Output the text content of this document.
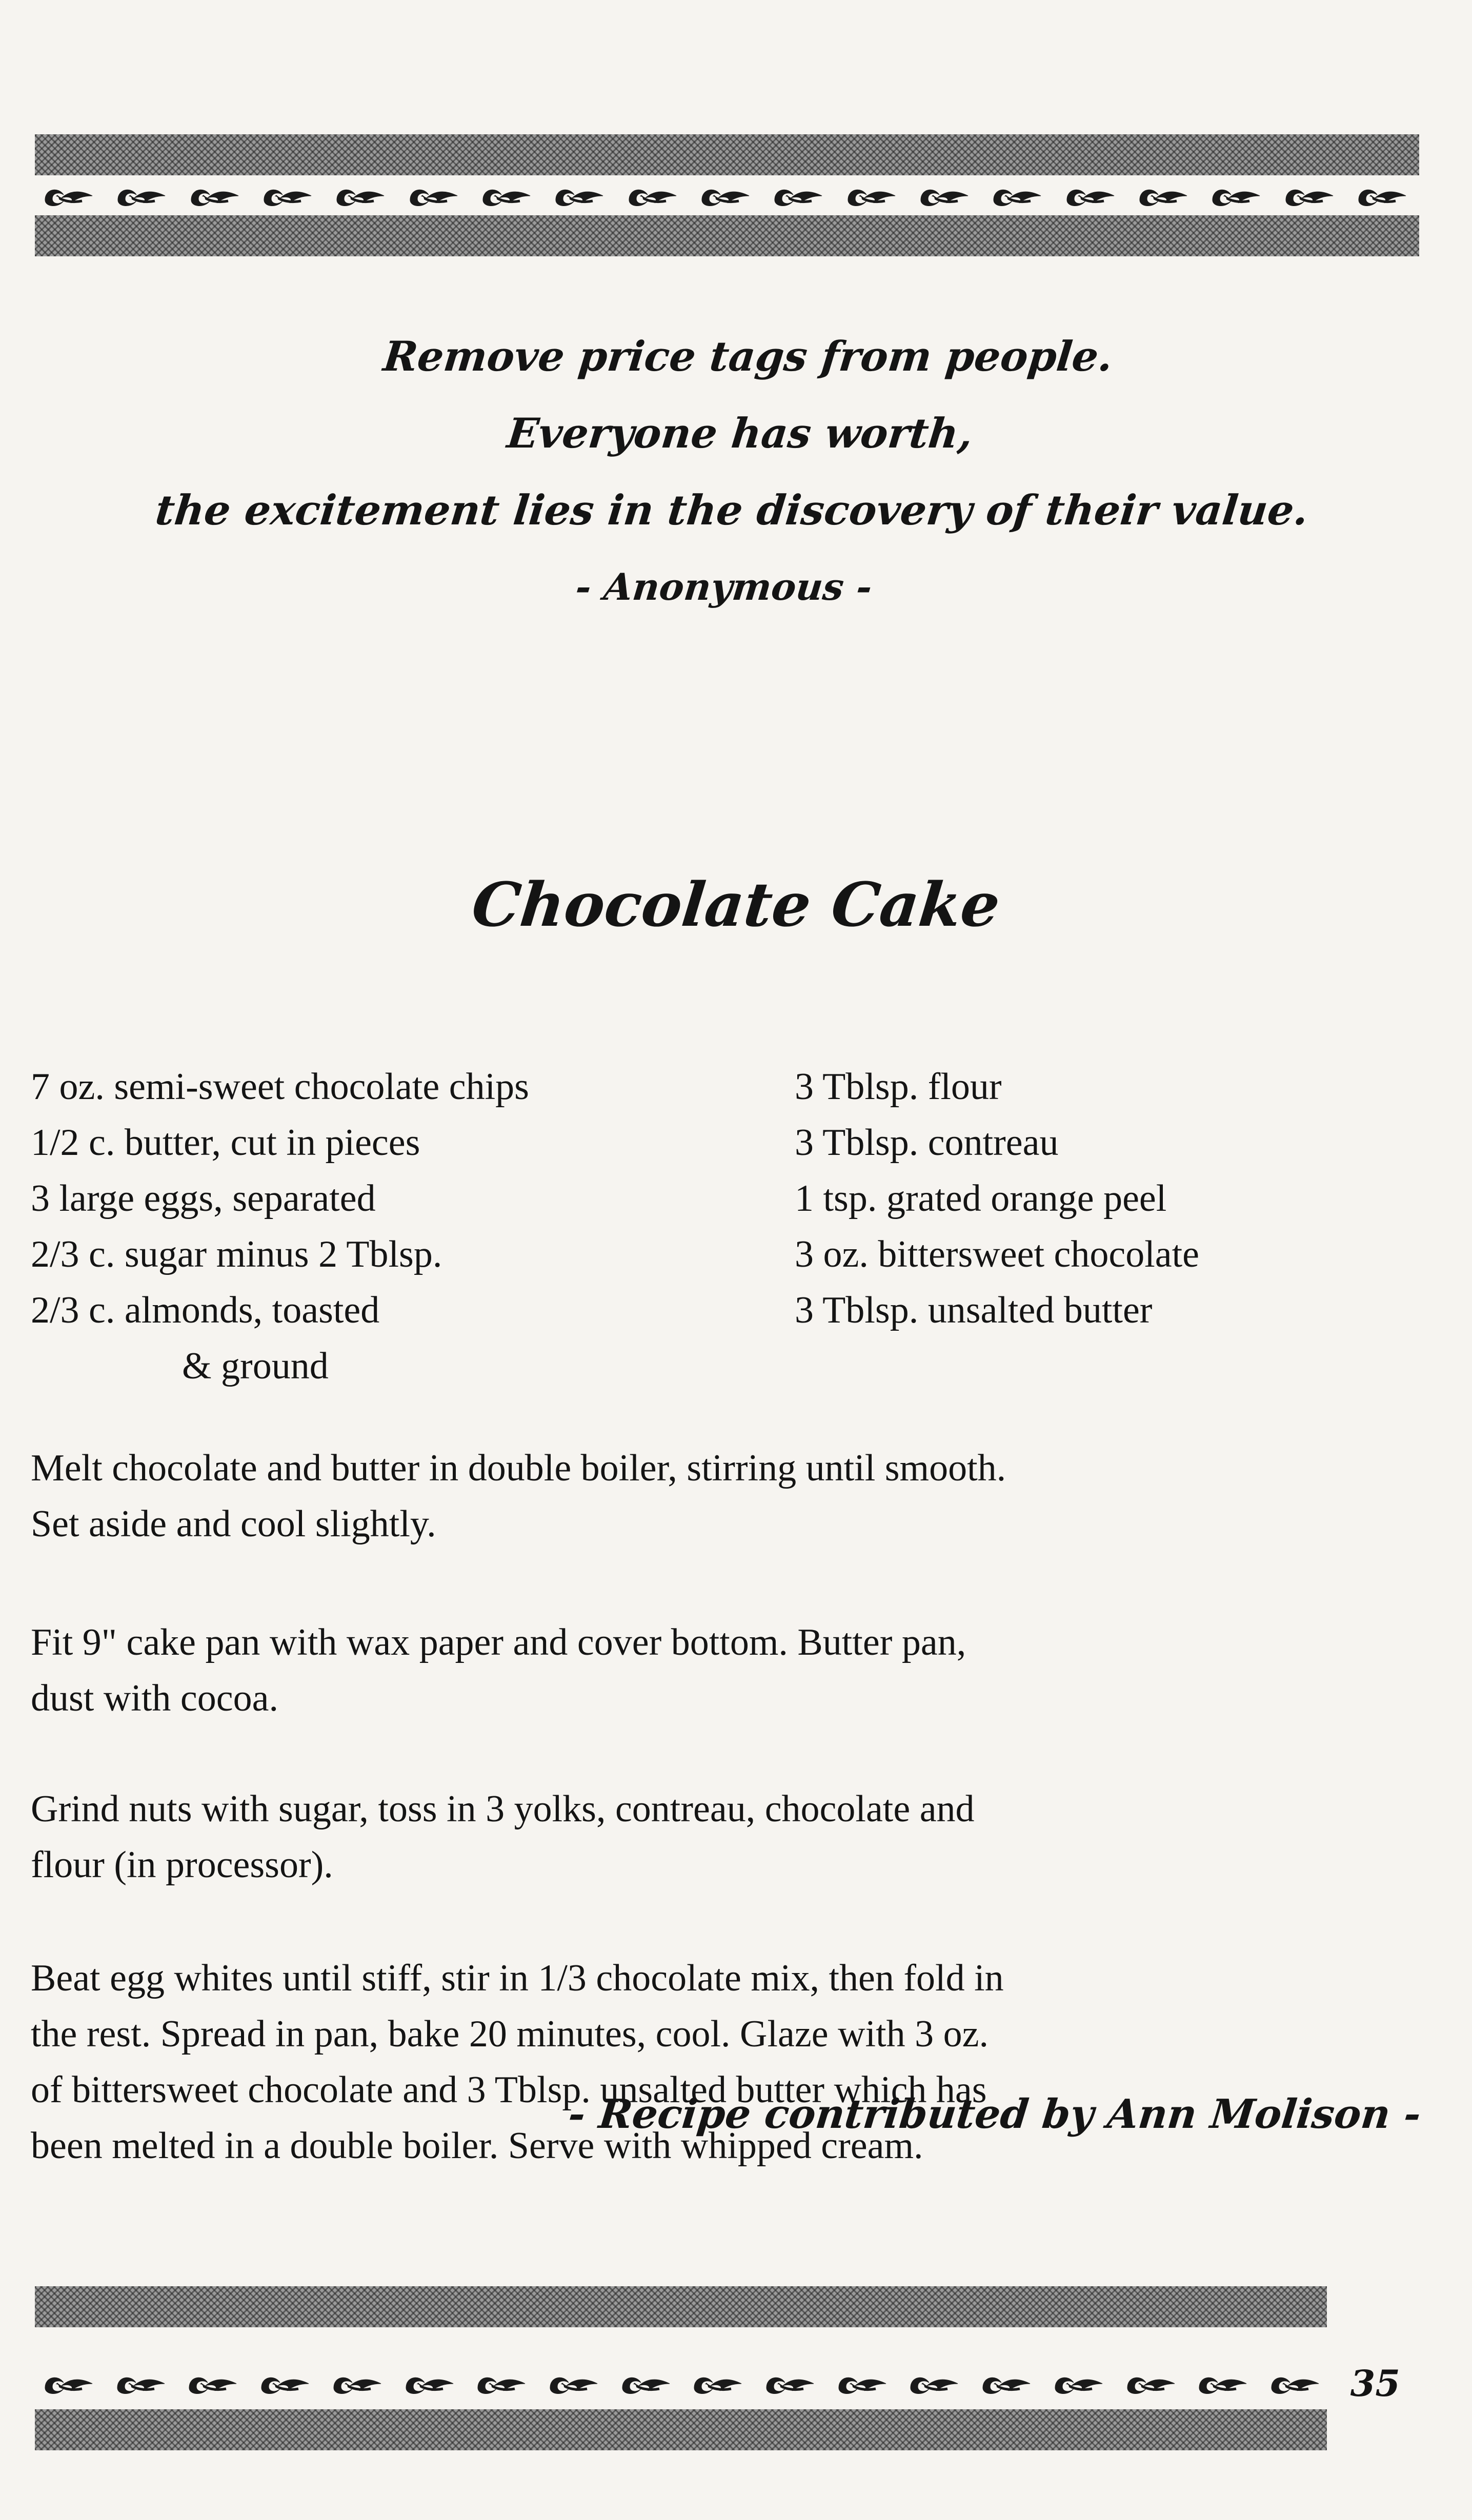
Remove price tags from people.
Everyone has worth,
the excitement lies in the discovery of their value.
- Anonymous -
Chocolate Cake
7 oz. semi-sweet chocolate chips
1/2 c. butter, cut in pieces
3 large eggs, separated
2/3 c. sugar minus 2 Tblsp.
2/3 c. almonds, toasted
& ground
3 Tblsp. flour
3 Tblsp. contreau
1 tsp. grated orange peel
3 oz. bittersweet chocolate
3 Tblsp. unsalted butter
Melt chocolate and butter in double boiler, stirring until smooth.
Set aside and cool slightly.
Fit 9" cake pan with wax paper and cover bottom. Butter pan,
dust with cocoa.
Grind nuts with sugar, toss in 3 yolks, contreau, chocolate and
flour (in processor).
Beat egg whites until stiff, stir in 1/3 chocolate mix, then fold in
the rest. Spread in pan, bake 20 minutes, cool. Glaze with 3 oz.
of bittersweet chocolate and 3 Tblsp. unsalted butter which has
been melted in a double boiler. Serve with whipped cream.
- Recipe contributed by Ann Molison -
35
